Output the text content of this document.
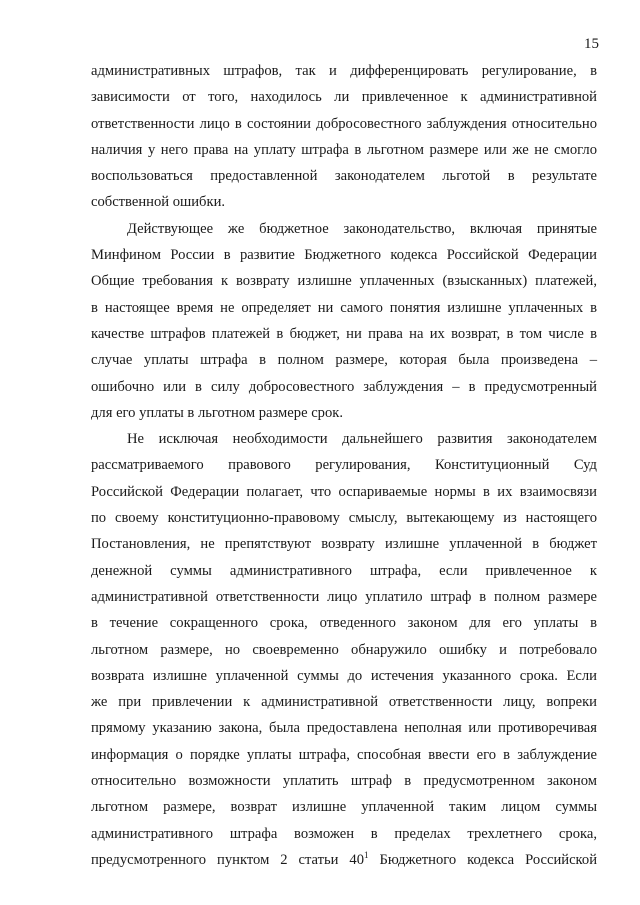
15
административных штрафов, так и дифференцировать регулирование, в
зависимости от того, находилось ли привлеченное к административной
ответственности лицо в состоянии добросовестного заблуждения относительно
наличия у него права на уплату штрафа в льготном размере или же не смогло
воспользоваться предоставленной законодателем льготой в результате
собственной ошибки.
Действующее же бюджетное законодательство, включая принятые
Минфином России в развитие Бюджетного кодекса Российской Федерации
Общие требования к возврату излишне уплаченных (взысканных) платежей,
в настоящее время не определяет ни самого понятия излишне уплаченных в
качестве штрафов платежей в бюджет, ни права на их возврат, в том числе в
случае уплаты штрафа в полном размере, которая была произведена –
ошибочно или в силу добросовестного заблуждения – в предусмотренный
для его уплаты в льготном размере срок.
Не исключая необходимости дальнейшего развития законодателем
рассматриваемого правового регулирования, Конституционный Суд
Российской Федерации полагает, что оспариваемые нормы в их взаимосвязи
по своему конституционно-правовому смыслу, вытекающему из настоящего
Постановления, не препятствуют возврату излишне уплаченной в бюджет
денежной суммы административного штрафа, если привлеченное к
административной ответственности лицо уплатило штраф в полном размере
в течение сокращенного срока, отведенного законом для его уплаты в
льготном размере, но своевременно обнаружило ошибку и потребовало
возврата излишне уплаченной суммы до истечения указанного срока. Если
же при привлечении к административной ответственности лицу, вопреки
прямому указанию закона, была предоставлена неполная или противоречивая
информация о порядке уплаты штрафа, способная ввести его в заблуждение
относительно возможности уплатить штраф в предусмотренном законом
льготном размере, возврат излишне уплаченной таким лицом суммы
административного штрафа возможен в пределах трехлетнего срока,
предусмотренного пунктом 2 статьи $40^1$ Бюджетного кодекса Российской
